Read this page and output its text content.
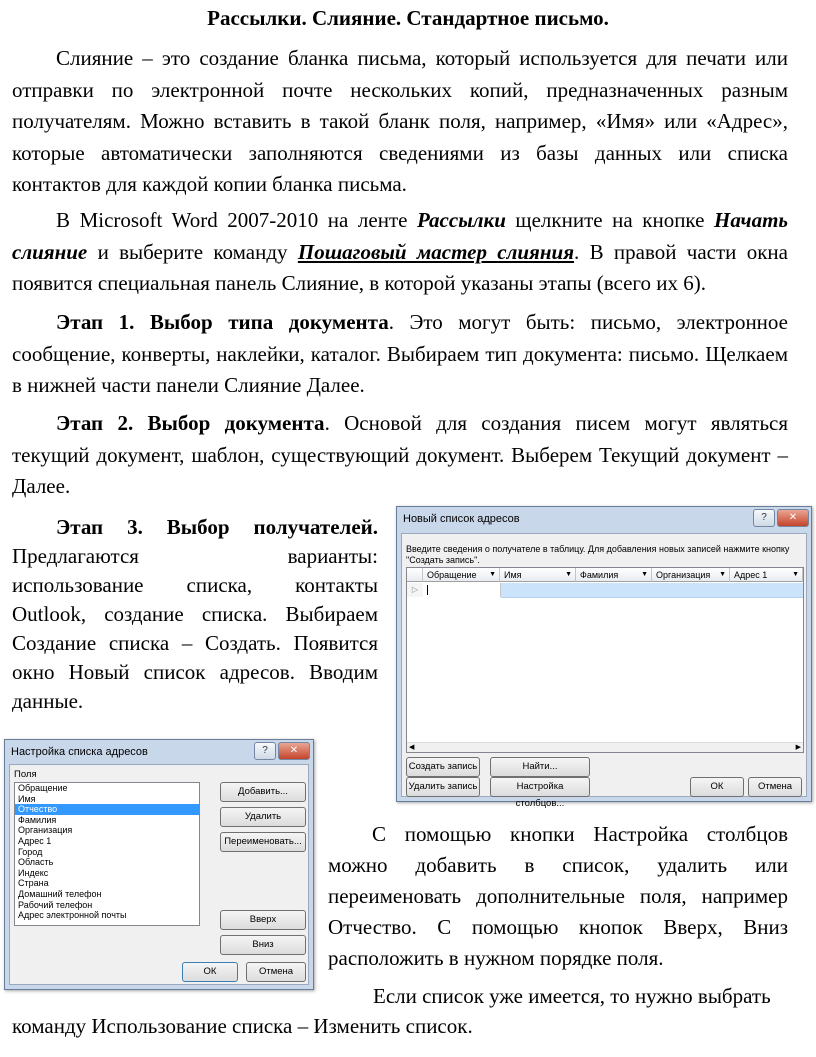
Рассылки. Слияние. Стандартное письмо.
Слияние – это создание бланка письма, который используется для печати или отправки по электронной почте нескольких копий, предназначенных разным получателям. Можно вставить в такой бланк поля, например, «Имя» или «Адрес», которые автоматически заполняются сведениями из базы данных или списка контактов для каждой копии бланка письма.
В Microsoft Word 2007-2010 на ленте Рассылки щелкните на кнопке Начать слияние и выберите команду Пошаговый мастер слияния. В правой части окна появится специальная панель Слияние, в которой указаны этапы (всего их 6).
Этап 1. Выбор типа документа. Это могут быть: письмо, электронное сообщение, конверты, наклейки, каталог. Выбираем тип документа: письмо. Щелкаем в нижней части панели Слияние Далее.
Этап 2. Выбор документа. Основой для создания писем могут являться текущий документ, шаблон, существующий документ. Выберем Текущий документ – Далее.
Этап 3. Выбор получателей.
Предлагаются варианты:
использование списка, контакты
Outlook, создание списка. Выбираем
Создание списка – Создать. Появится
окно Новый список адресов. Вводим
данные.
Новый список адресов	?	✕
Введите сведения о получателе в таблицу. Для добавления новых записей нажмите кнопку "Создать запись".
Обращение ▼ Имя	▼ Фамилия	▼ Организация ▼ Адрес 1	▼
▷
◀	▶
Создать запись	Найти...
Удалить запись	Настройка столбцов...
ОК	Отмена
Настройка списка адресов	?	✕
Поля
Обращение
Имя
Отчество
Фамилия
Организация
Адрес 1
Город
Область
Индекс
Страна
Домашний телефон
Рабочий телефон
Адрес электронной почты
Добавить...
Удалить
Переименовать...
Вверх
Вниз
ОК	Отмена
С помощью кнопки Настройка столбцов
можно добавить в список, удалить или
переименовать дополнительные поля, например
Отчество. С помощью кнопок Вверх, Вниз
расположить в нужном порядке поля.
Если список уже имеется, то нужно выбрать
команду Использование списка – Изменить список.
